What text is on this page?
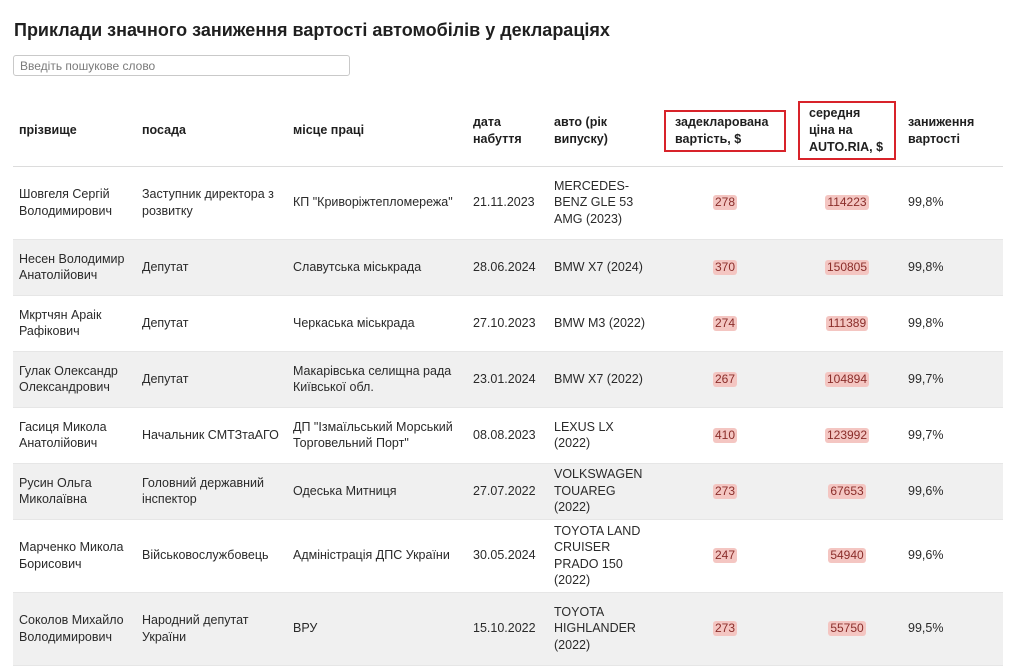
Приклади значного заниження вартості автомобілів у деклараціях
Введіть пошукове слово
прізвище	посада	місце праці	дата набуття	авто (рік випуску)	задекларована вартість, $	середня ціна на AUTO.RIA, $	заниження вартості
Шовгеля Сергій Володимирович	Заступник директора з розвитку	КП "Криворіжтепломережа"	21.11.2023	MERCEDES-BENZ GLE 53 AMG (2023)	278	114223	99,8%
Несен Володимир Анатолійович	Депутат	Славутська міськрада	28.06.2024	BMW X7 (2024)	370	150805	99,8%
Мкртчян Араік Рафікович	Депутат	Черкаська міськрада	27.10.2023	BMW M3 (2022)	274	111389	99,8%
Гулак Олександр Олександрович	Депутат	Макарівська селищна рада Київської обл.	23.01.2024	BMW X7 (2022)	267	104894	99,7%
Гасиця Микола Анатолійович	Начальник СМТЗтаАГО	ДП "Ізмаїльський Морський Торговельний Порт"	08.08.2023	LEXUS LX (2022)	410	123992	99,7%
Русин Ольга Миколаївна	Головний державний інспектор	Одеська Митниця	27.07.2022	VOLKSWAGEN TOUAREG (2022)	273	67653	99,6%
Марченко Микола Борисович	Військовослужбовець	Адміністрація ДПС України	30.05.2024	TOYOTA LAND CRUISER PRADO 150 (2022)	247	54940	99,6%
Соколов Михайло Володимирович	Народний депутат України	ВРУ	15.10.2022	TOYOTA HIGHLANDER (2022)	273	55750	99,5%
